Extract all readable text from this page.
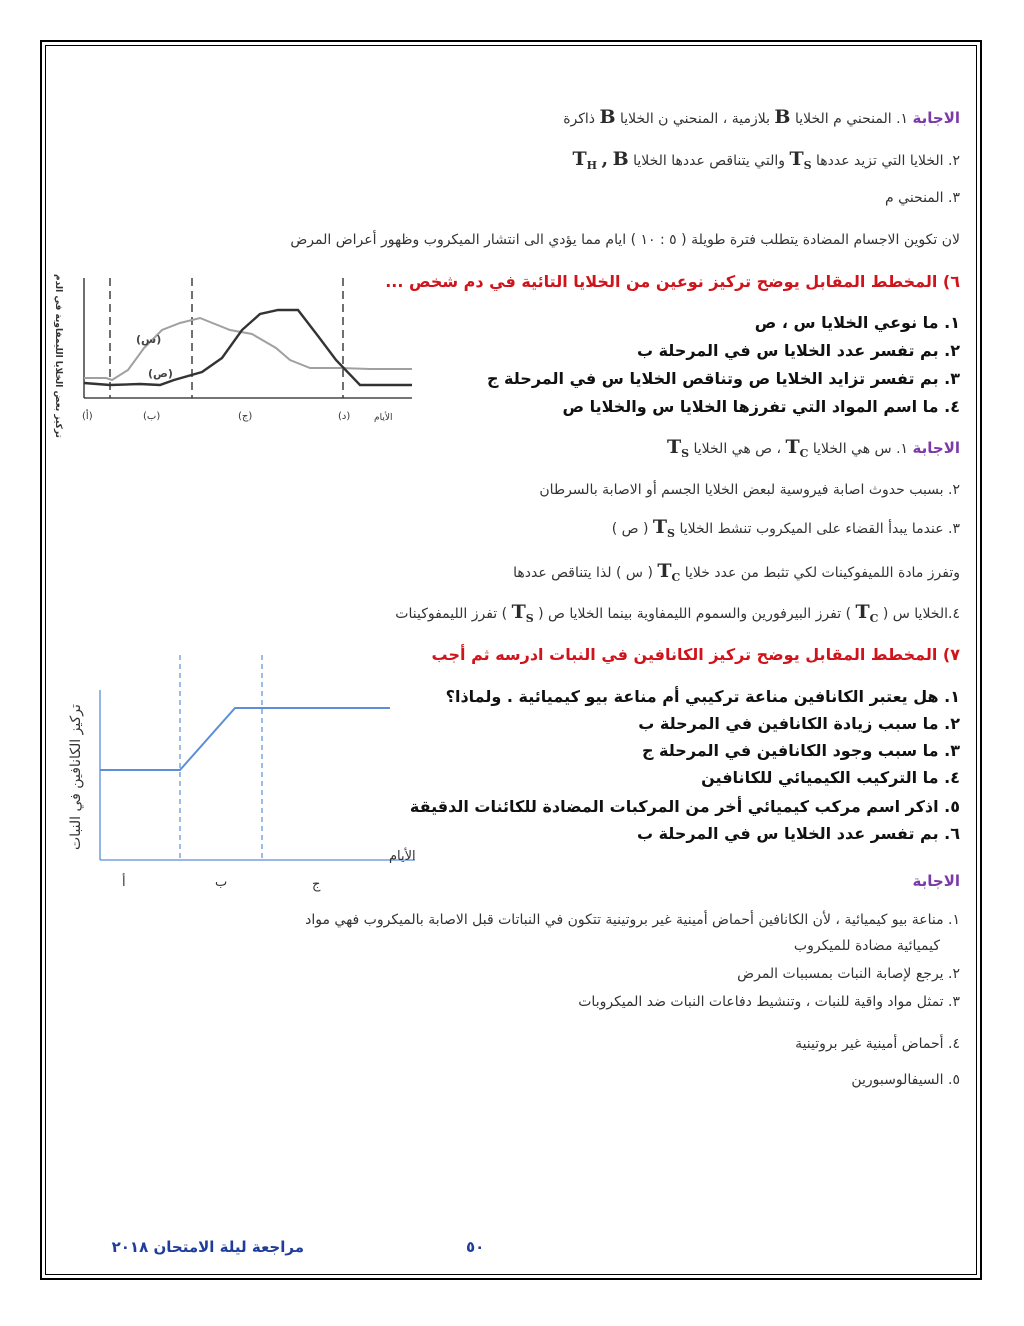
الاجابة ١. المنحني م الخلايا B بلازمية ، المنحني ن الخلايا B ذاكرة
٢. الخلايا التي تزيد عددها $T_S$ والتي يتناقص عددها الخلايا $T_H$ , B
٣. المنحني م
لان تكوين الاجسام المضادة يتطلب فترة طويلة ( ٥ : ١٠ ) ايام مما يؤدي الى انتشار الميكروب وظهور أعراض المرض
٦) المخطط المقابل يوضح تركيز نوعين من الخلايا التائية في دم شخص ...
١. ما نوعي الخلايا س ، ص
٢. بم تفسر عدد الخلايا س في المرحلة ب
٣. بم تفسر تزايد الخلايا ص وتناقص الخلايا س في المرحلة ج
٤. ما اسم المواد التي تفرزها الخلايا س والخلايا ص
تركيز بعض الخلايا الليمفاوية في الدم	(س)
(ص)
(أ)	(ب)	(ج)	(د)	الأيام
الاجابة ١. س هي الخلايا $T_C$ ، ص هي الخلايا $T_S$
٢. بسبب حدوث اصابة فيروسية لبعض الخلايا الجسم أو الاصابة بالسرطان
٣. عندما يبدأ القضاء على الميكروب تنشط الخلايا $T_S$ ( ص )
وتفرز مادة اللميفوكينات لكي تثبط من عدد خلايا $T_C$ ( س ) لذا يتناقص عددها
٤.الخلايا س ( $T_C$ ) تفرز البيرفورين والسموم الليمفاوية بينما الخلايا ص ( $T_S$ ) تفرز الليمفوكينات
٧) المخطط المقابل يوضح تركيز الكانافين في النبات ادرسه ثم أجب
١. هل يعتبر الكانافين مناعة تركيبي أم مناعة بيو كيميائية . ولماذا؟
٢. ما سبب زيادة الكانافين في المرحلة ب
٣. ما سبب وجود الكانافين في المرحلة ج
٤. ما التركيب الكيميائي للكانافين
٥. اذكر اسم مركب كيميائي أخر من المركبات المضادة للكائنات الدقيقة
٦. بم تفسر عدد الخلايا س في المرحلة ب
تركيز الكانافين في النبات
أ	ب	ج
الأيام
الاجابة
١. مناعة بيو كيميائية ، لأن الكانافين أحماض أمينية غير بروتينية تتكون في النباتات قبل الاصابة بالميكروب فهي مواد
كيميائية مضادة للميكروب
٢. يرجع لإصابة النبات بمسببات المرض
٣. تمثل مواد واقية للنبات ، وتنشيط دفاعات النبات ضد الميكروبات
٤. أحماض أمينية غير بروتينية
٥. السيفالوسبورين
مراجعة ليلة الامتحان ٢٠١٨	٥٠
